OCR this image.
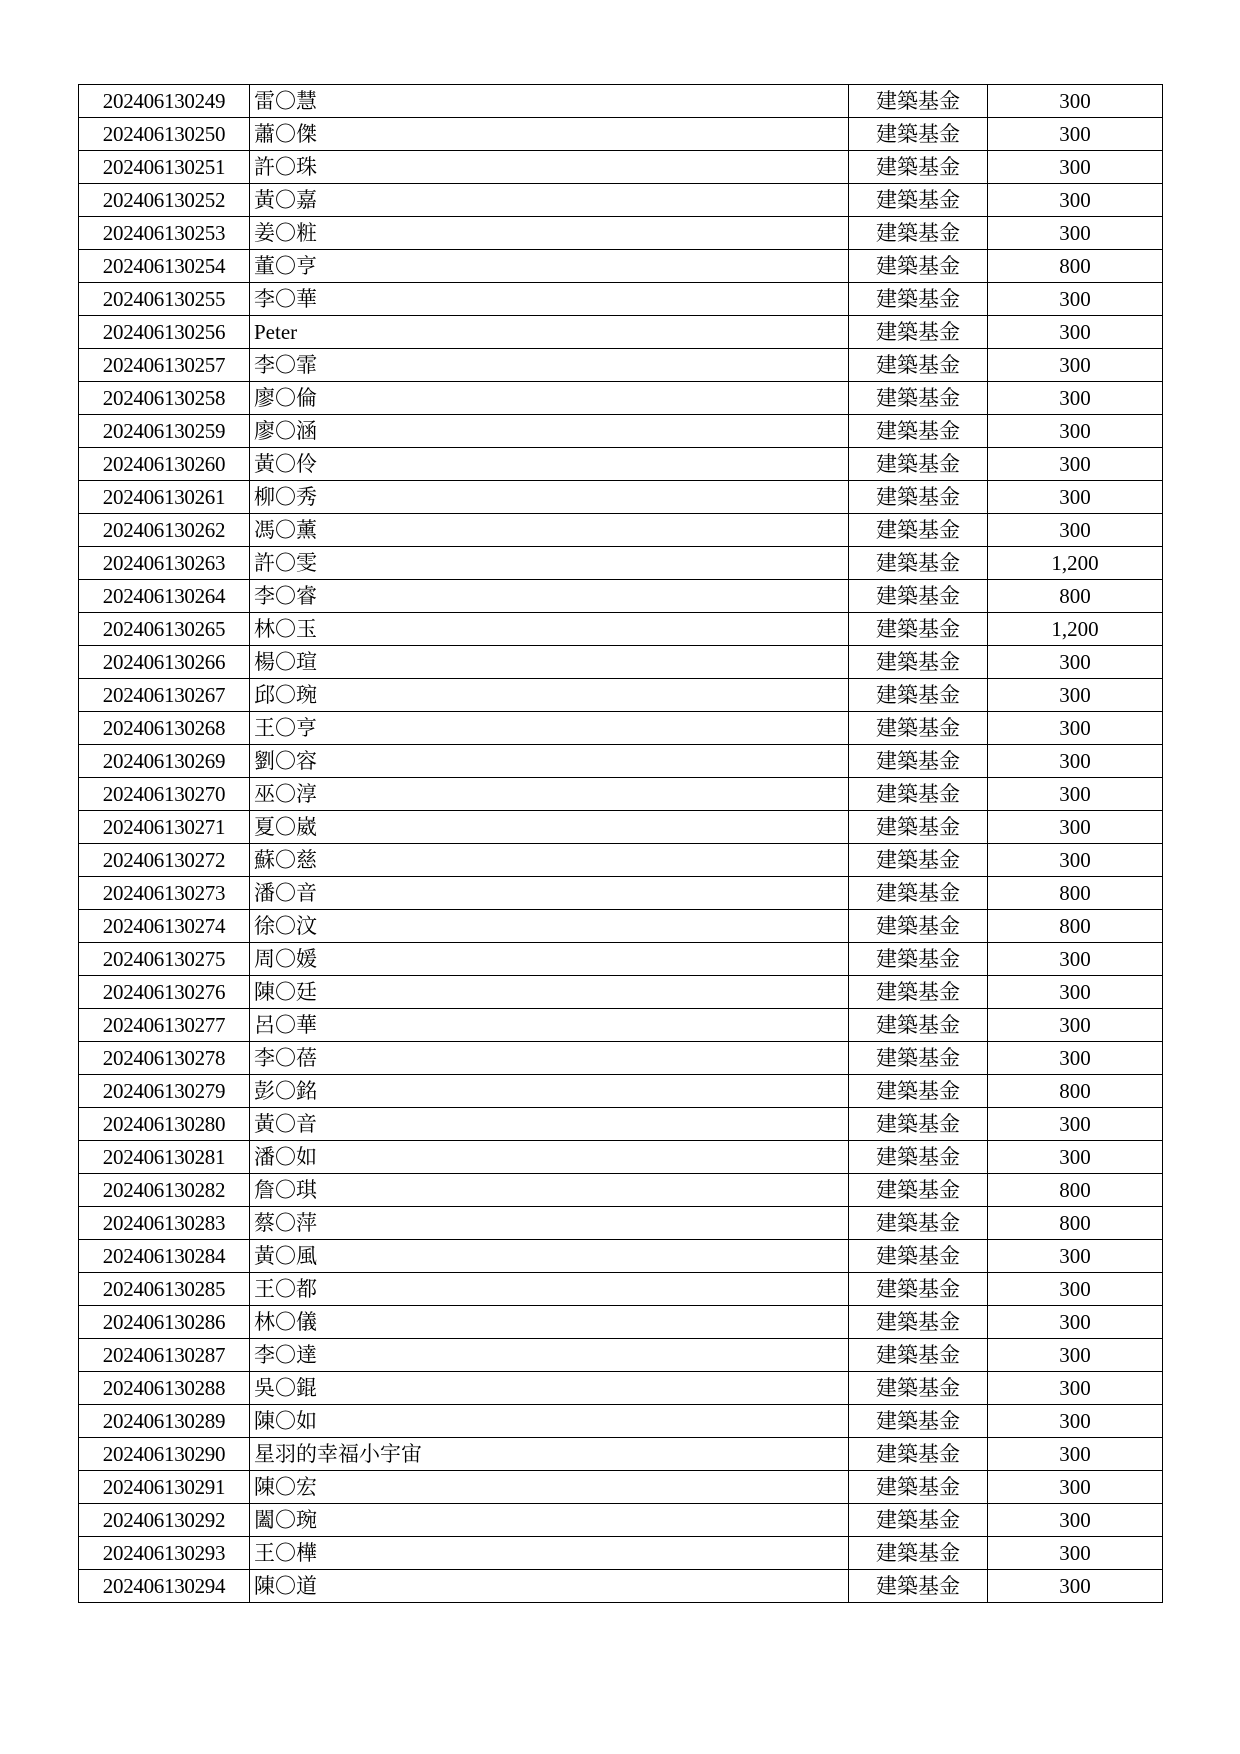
202406130249	雷〇慧	建築基金	300
202406130250	蕭〇傑	建築基金	300
202406130251	許〇珠	建築基金	300
202406130252	黃〇嘉	建築基金	300
202406130253	姜〇粧	建築基金	300
202406130254	董〇亨	建築基金	800
202406130255	李〇華	建築基金	300
202406130256	Peter	建築基金	300
202406130257	李〇霏	建築基金	300
202406130258	廖〇倫	建築基金	300
202406130259	廖〇涵	建築基金	300
202406130260	黃〇伶	建築基金	300
202406130261	柳〇秀	建築基金	300
202406130262	馮〇薰	建築基金	300
202406130263	許〇雯	建築基金	1,200
202406130264	李〇睿	建築基金	800
202406130265	林〇玉	建築基金	1,200
202406130266	楊〇瑄	建築基金	300
202406130267	邱〇琬	建築基金	300
202406130268	王〇亨	建築基金	300
202406130269	劉〇容	建築基金	300
202406130270	巫〇淳	建築基金	300
202406130271	夏〇崴	建築基金	300
202406130272	蘇〇慈	建築基金	300
202406130273	潘〇音	建築基金	800
202406130274	徐〇汶	建築基金	800
202406130275	周〇媛	建築基金	300
202406130276	陳〇廷	建築基金	300
202406130277	呂〇華	建築基金	300
202406130278	李〇蓓	建築基金	300
202406130279	彭〇銘	建築基金	800
202406130280	黃〇音	建築基金	300
202406130281	潘〇如	建築基金	300
202406130282	詹〇琪	建築基金	800
202406130283	蔡〇萍	建築基金	800
202406130284	黃〇風	建築基金	300
202406130285	王〇都	建築基金	300
202406130286	林〇儀	建築基金	300
202406130287	李〇達	建築基金	300
202406130288	吳〇錕	建築基金	300
202406130289	陳〇如	建築基金	300
202406130290	星羽的幸福小宇宙	建築基金	300
202406130291	陳〇宏	建築基金	300
202406130292	闔〇琬	建築基金	300
202406130293	王〇樺	建築基金	300
202406130294	陳〇道	建築基金	300
